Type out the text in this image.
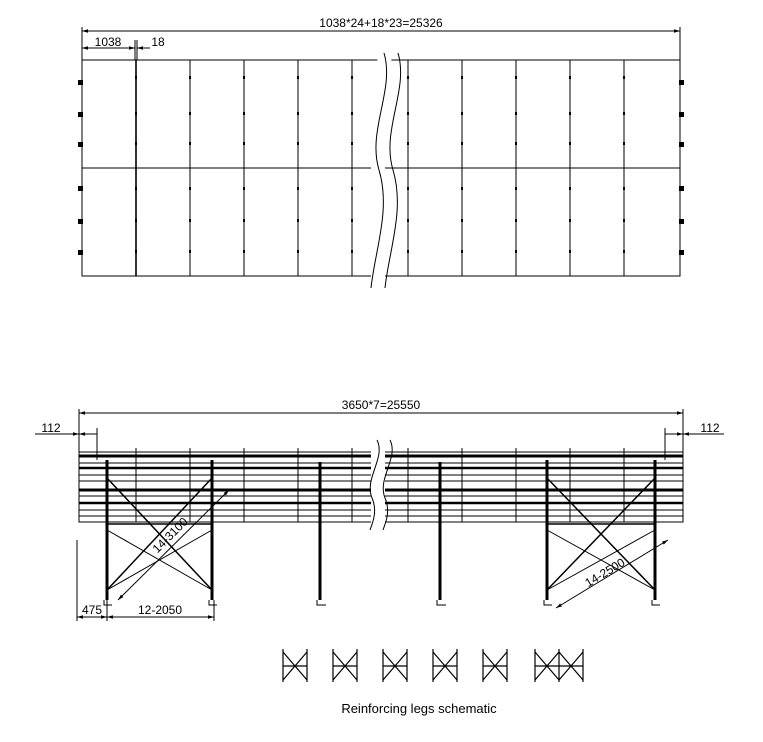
1038*24+18*23=25326
1038 18
3650*7=25550
112	112
14-3100
14-2500
475	12-2050
Reinforcing legs schematic
